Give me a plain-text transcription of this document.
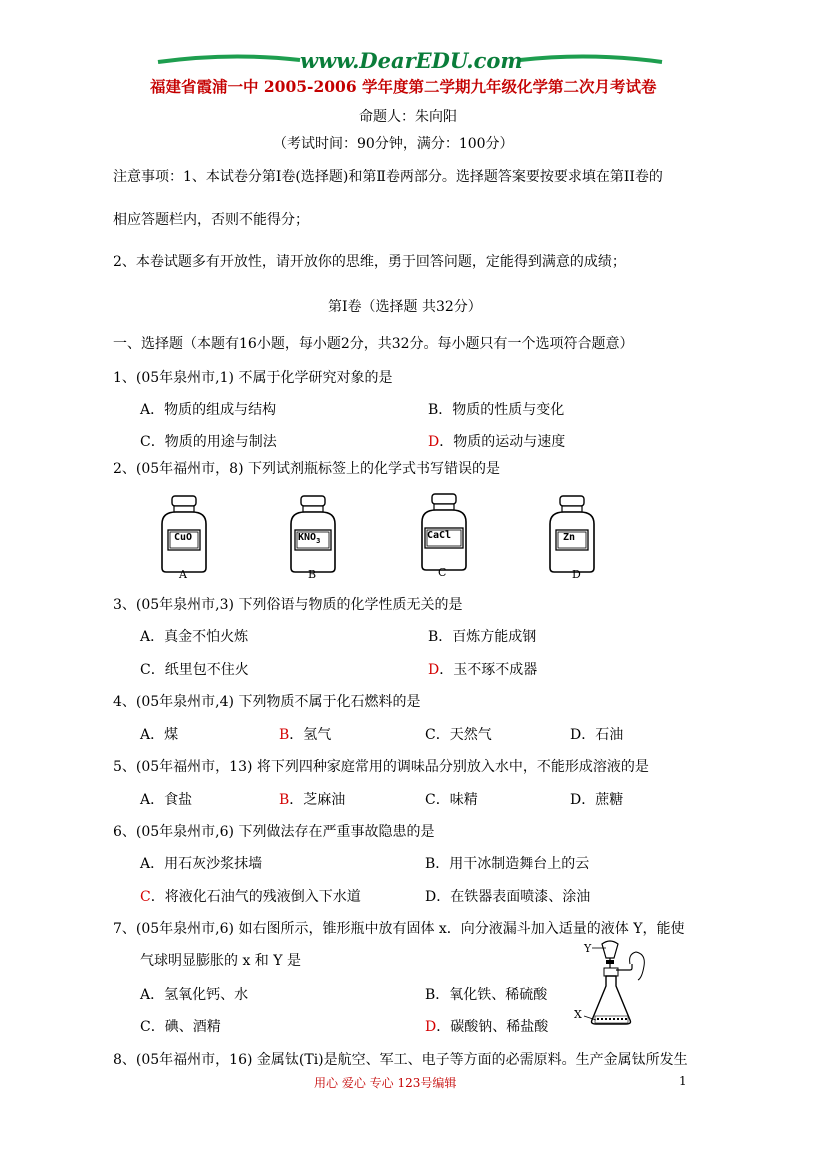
www.DearEDU.com
福建省霞浦一中 2005-2006 学年度第二学期九年级化学第二次月考试卷
命题人：朱向阳
（考试时间：90分钟，满分：100分）
注意事项：1、本试卷分第Ⅰ卷(选择题)和第Ⅱ卷两部分。选择题答案要按要求填在第II卷的
相应答题栏内，否则不能得分；
2、本卷试题多有开放性，请开放你的思维，勇于回答问题，定能得到满意的成绩；
第Ⅰ卷（选择题 共32分）
一、选择题（本题有16小题，每小题2分，共32分。每小题只有一个选项符合题意）
1、(05年泉州市,1) 不属于化学研究对象的是
A．物质的组成与结构	B．物质的性质与变化
C．物质的用途与制法	D．物质的运动与速度
2、(05年福州市，8) 下列试剂瓶标签上的化学式书写错误的是
CuO	$KNO_3$	CaCl	Zn
A	B	C	D
3、(05年泉州市,3) 下列俗语与物质的化学性质无关的是
A．真金不怕火炼	B．百炼方能成钢
C．纸里包不住火	D．玉不琢不成器
4、(05年泉州市,4) 下列物质不属于化石燃料的是
A．煤	B．氢气	C．天然气	D．石油
5、(05年福州市，13) 将下列四种家庭常用的调味品分别放入水中，不能形成溶液的是
A．食盐	B．芝麻油	C．味精	D．蔗糖
6、(05年泉州市,6) 下列做法存在严重事故隐患的是
A．用石灰沙浆抹墙	B．用干冰制造舞台上的云
C．将液化石油气的残液倒入下水道	D．在铁器表面喷漆、涂油
7、(05年泉州市,6) 如右图所示，锥形瓶中放有固体 x．向分液漏斗加入适量的液体 Y，能使
气球明显膨胀的 x 和 Y 是
A．氢氧化钙、水	B．氧化铁、稀硫酸
C．碘、酒精	D．碳酸钠、稀盐酸
Y
X
8、(05年福州市，16) 金属钛(Ti)是航空、军工、电子等方面的必需原料。生产金属钛所发生
用心 爱心 专心 123号编辑	1
